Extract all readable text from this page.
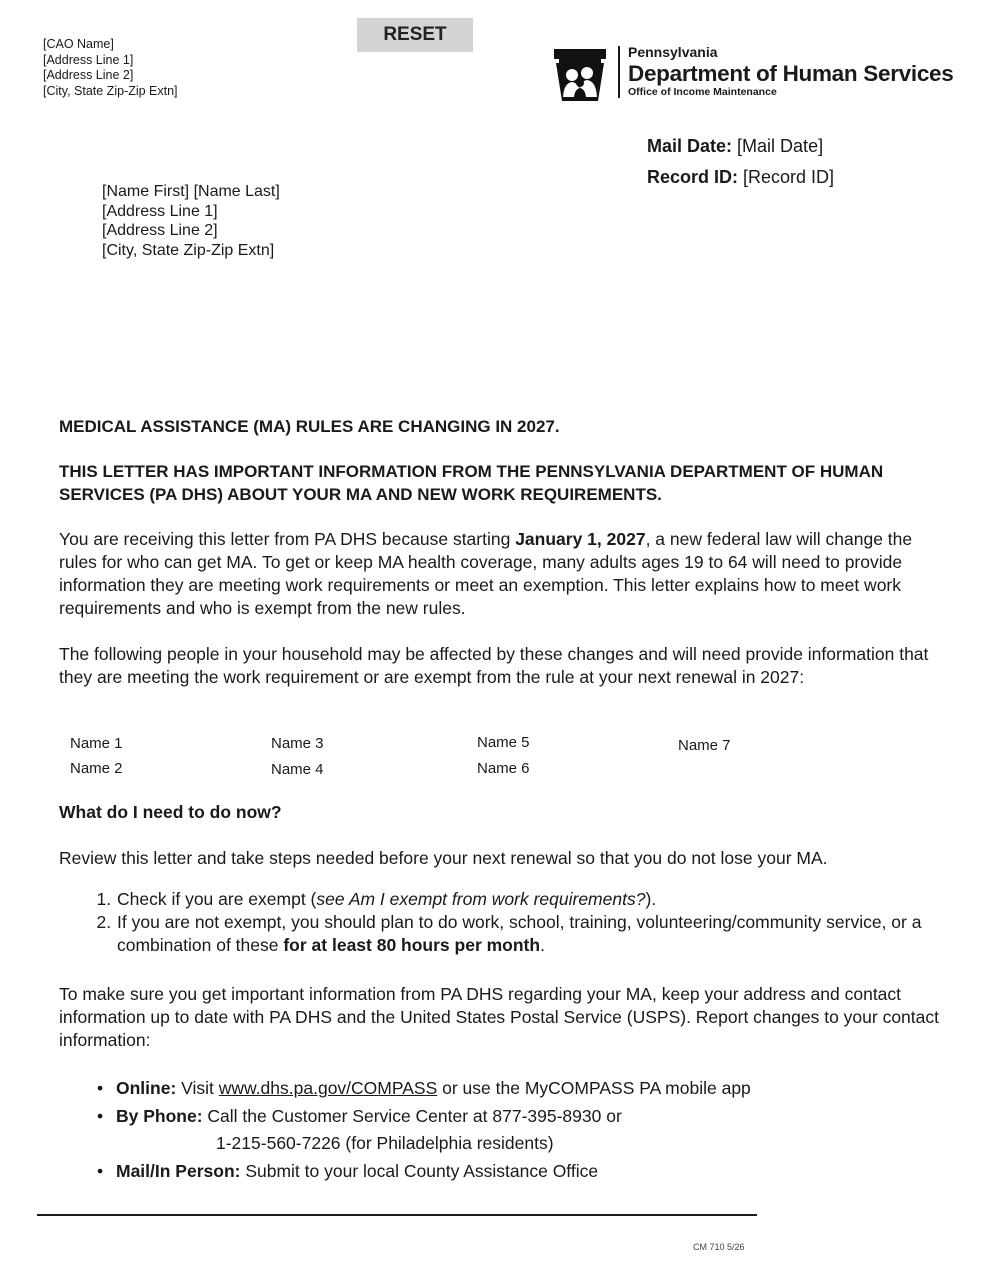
RESET
[CAO Name]
[Address Line 1]
[Address Line 2]
[City, State Zip-Zip Extn]
Pennsylvania
Department of Human Services
Office of Income Maintenance
Mail Date: [Mail Date]
Record ID: [Record ID]
[Name First] [Name Last]
[Address Line 1]
[Address Line 2]
[City, State Zip-Zip Extn]
MEDICAL ASSISTANCE (MA) RULES ARE CHANGING IN 2027.
THIS LETTER HAS IMPORTANT INFORMATION FROM THE PENNSYLVANIA DEPARTMENT OF HUMAN SERVICES (PA DHS) ABOUT YOUR MA AND NEW WORK REQUIREMENTS.
You are receiving this letter from PA DHS because starting January 1, 2027, a new federal law will change the rules for who can get MA. To get or keep MA health coverage, many adults ages 19 to 64 will need to provide information they are meeting work requirements or meet an exemption. This letter explains how to meet work requirements and who is exempt from the new rules.
The following people in your household may be affected by these changes and will need provide information that they are meeting the work requirement or are exempt from the rule at your next renewal in 2027:
Name 1
Name 2
Name 3
Name 4
Name 5
Name 6
Name 7
What do I need to do now?
Review this letter and take steps needed before your next renewal so that you do not lose your MA.
1. Check if you are exempt (see Am I exempt from work requirements?).
2. If you are not exempt, you should plan to do work, school, training, volunteering/community service, or a combination of these for at least 80 hours per month.
To make sure you get important information from PA DHS regarding your MA, keep your address and contact information up to date with PA DHS and the United States Postal Service (USPS). Report changes to your contact information:
• Online: Visit www.dhs.pa.gov/COMPASS or use the MyCOMPASS PA mobile app
• By Phone: Call the Customer Service Center at 877-395-8930 or
1-215-560-7226 (for Philadelphia residents)
• Mail/In Person: Submit to your local County Assistance Office
CM 710 5/26
